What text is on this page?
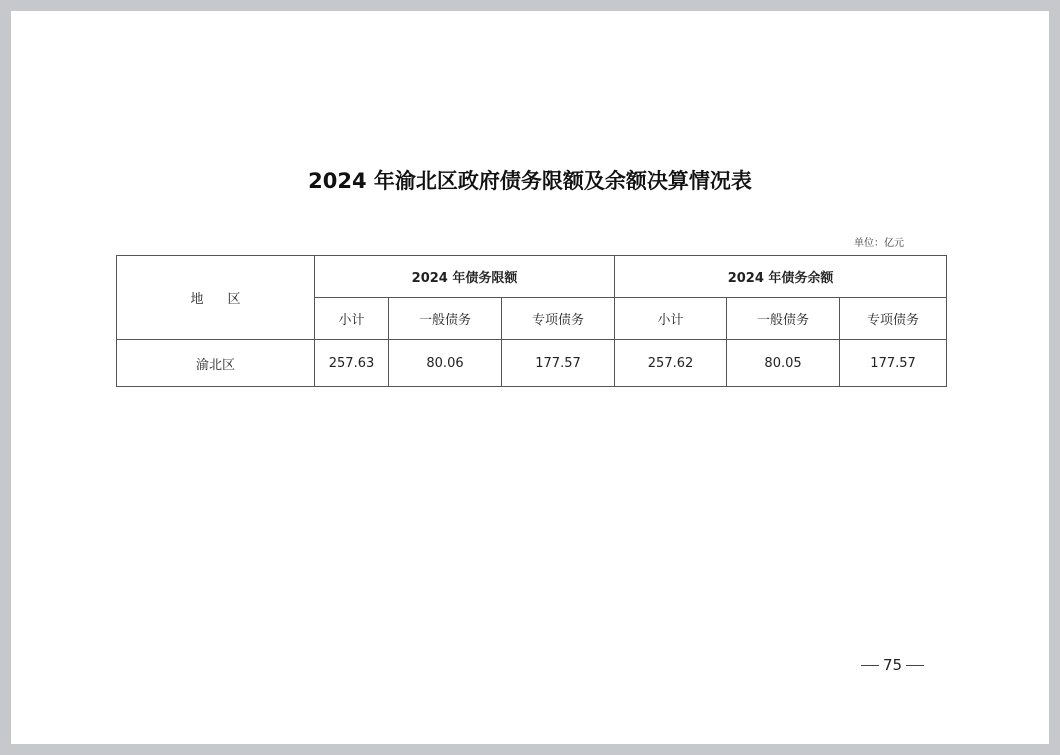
2024 年渝北区政府债务限额及余额决算情况表
单位：亿元
地 区	2024 年债务限额			2024 年债务余额		
	小计	一般债务	专项债务	小计	一般债务	专项债务
渝北区	257.63	80.06	177.57	257.62	80.05	177.57
75
